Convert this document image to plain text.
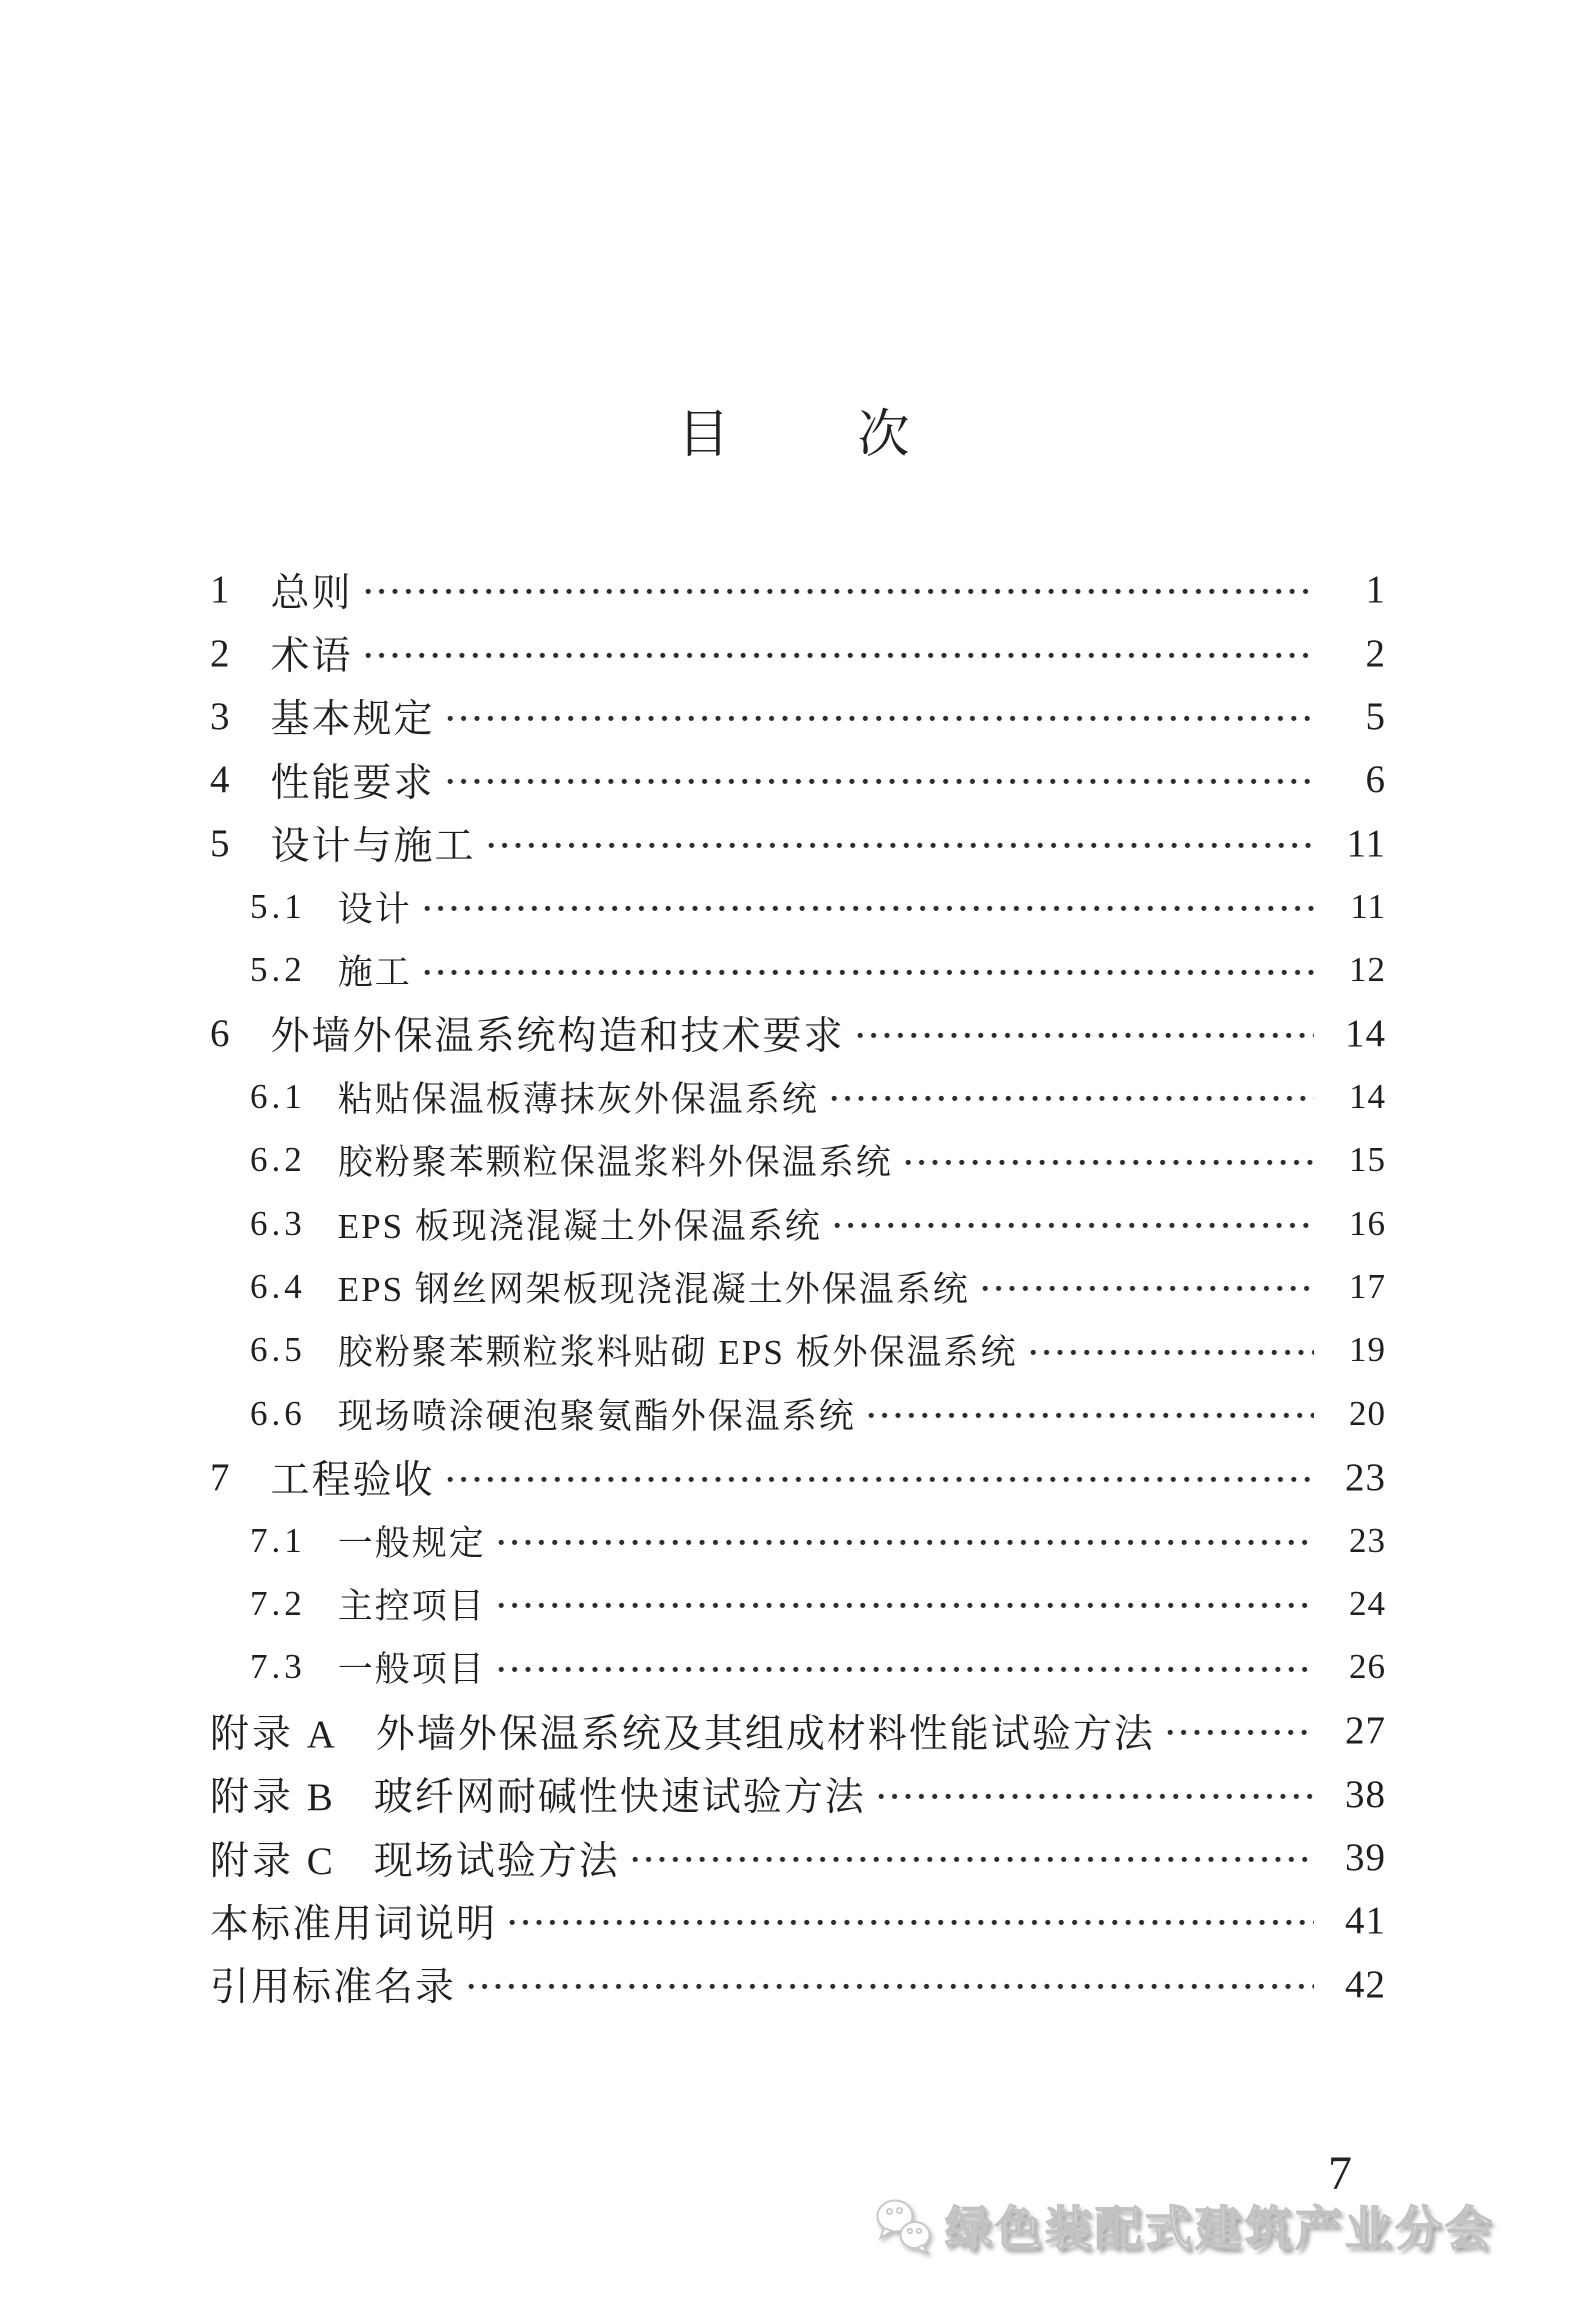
目 次
1 总则	1
2 术语	2
3 基本规定	5
4 性能要求	6
5 设计与施工	11
5.1 设计	11
5.2 施工	12
6 外墙外保温系统构造和技术要求	14
6.1 粘贴保温板薄抹灰外保温系统	14
6.2 胶粉聚苯颗粒保温浆料外保温系统	15
6.3 EPS 板现浇混凝土外保温系统	16
6.4 EPS 钢丝网架板现浇混凝土外保温系统	17
6.5 胶粉聚苯颗粒浆料贴砌 EPS 板外保温系统	19
6.6 现场喷涂硬泡聚氨酯外保温系统	20
7 工程验收	23
7.1 一般规定	23
7.2 主控项目	24
7.3 一般项目	26
附录 A 外墙外保温系统及其组成材料性能试验方法	27
附录 B 玻纤网耐碱性快速试验方法	38
附录 C 现场试验方法	39
本标准用词说明	41
引用标准名录	42
7
绿色装配式建筑产业分会
